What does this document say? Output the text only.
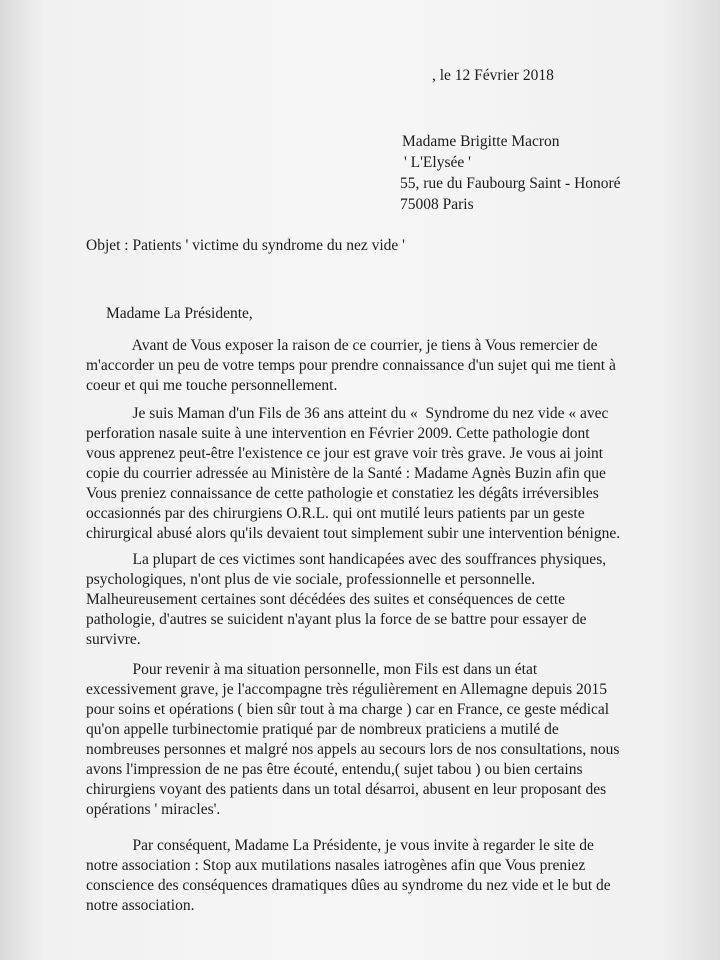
, le 12 Février 2018
Madame Brigitte Macron
' L'Elysée '
55, rue du Faubourg Saint - Honoré
75008 Paris
Objet : Patients ' victime du syndrome du nez vide '
Madame La Présidente,
Avant de Vous exposer la raison de ce courrier, je tiens à Vous remercier de
m'accorder un peu de votre temps pour prendre connaissance d'un sujet qui me tient à
coeur et qui me touche personnellement.
Je suis Maman d'un Fils de 36 ans atteint du «  Syndrome du nez vide « avec
perforation nasale suite à une intervention en Février 2009. Cette pathologie dont
vous apprenez peut-être l'existence ce jour est grave voir très grave. Je vous ai joint
copie du courrier adressée au Ministère de la Santé : Madame Agnès Buzin afin que
Vous preniez connaissance de cette pathologie et constatiez les dégâts irréversibles
occasionnés par des chirurgiens O.R.L. qui ont mutilé leurs patients par un geste
chirurgical abusé alors qu'ils devaient tout simplement subir une intervention bénigne.
La plupart de ces victimes sont handicapées avec des souffrances physiques,
psychologiques, n'ont plus de vie sociale, professionnelle et personnelle.
Malheureusement certaines sont décédées des suites et conséquences de cette
pathologie, d'autres se suicident n'ayant plus la force de se battre pour essayer de
survivre.
Pour revenir à ma situation personnelle, mon Fils est dans un état
excessivement grave, je l'accompagne très régulièrement en Allemagne depuis 2015
pour soins et opérations ( bien sûr tout à ma charge ) car en France, ce geste médical
qu'on appelle turbinectomie pratiqué par de nombreux praticiens a mutilé de
nombreuses personnes et malgré nos appels au secours lors de nos consultations, nous
avons l'impression de ne pas être écouté, entendu,( sujet tabou ) ou bien certains
chirurgiens voyant des patients dans un total désarroi, abusent en leur proposant des
opérations ' miracles'.
Par conséquent, Madame La Présidente, je vous invite à regarder le site de
notre association : Stop aux mutilations nasales iatrogènes afin que Vous preniez
conscience des conséquences dramatiques dûes au syndrome du nez vide et le but de
notre association.
